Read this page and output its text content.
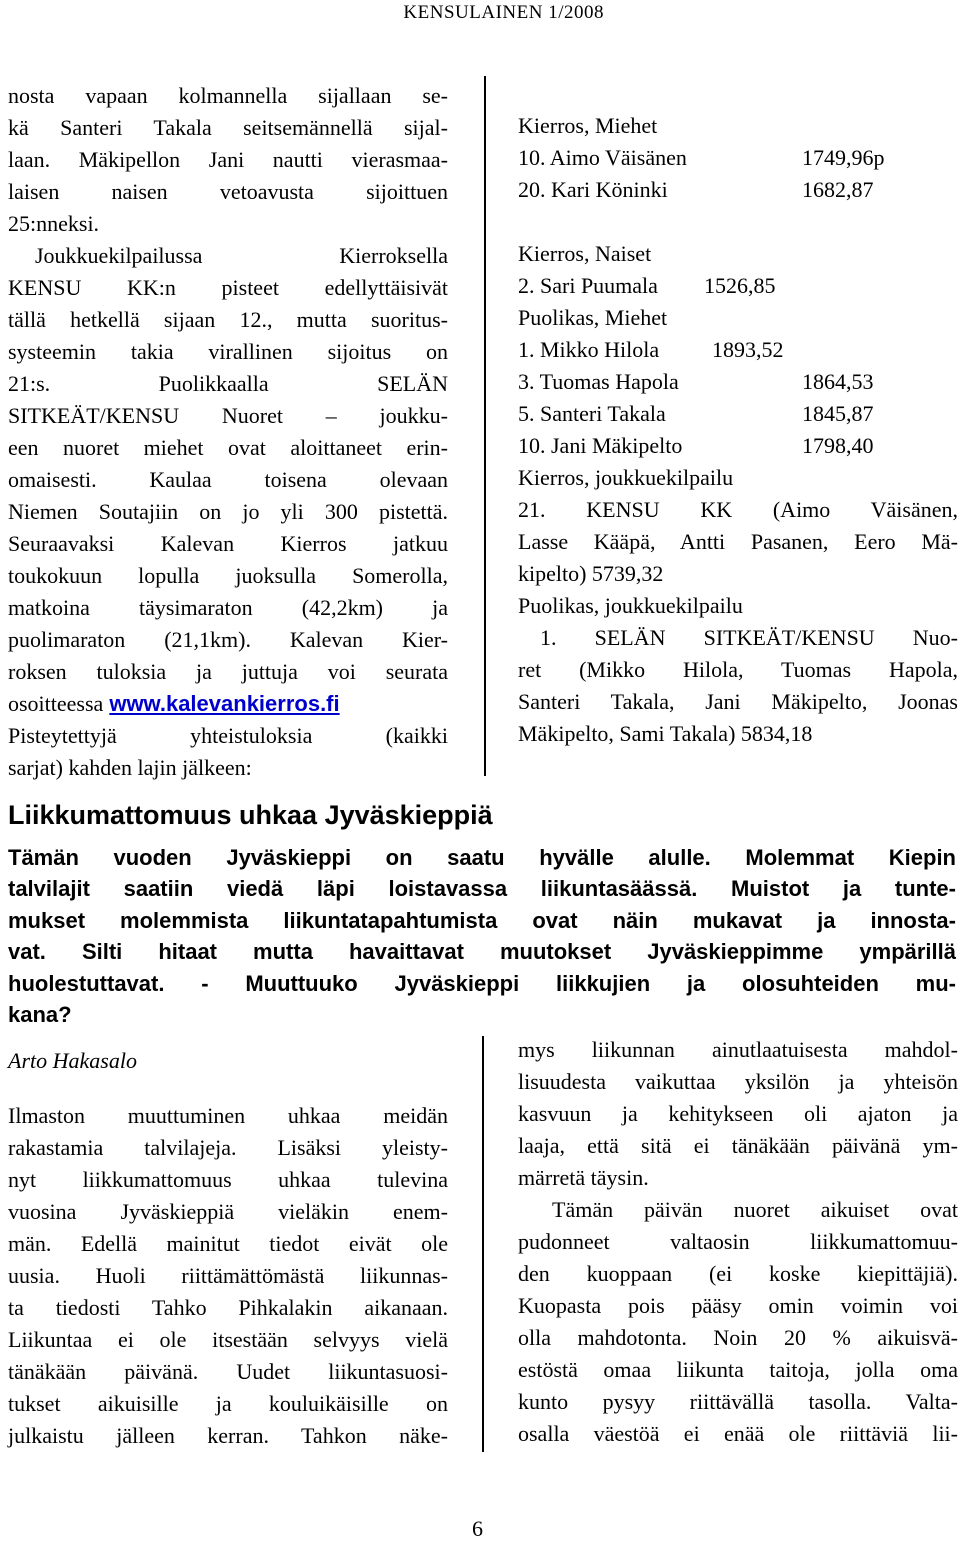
KENSULAINEN 1/2008
nosta vapaan kolmannella sijallaan se-
kä Santeri Takala seitsemännellä sijal-
laan. Mäkipellon Jani nautti vierasmaa-
laisen naisen vetoavusta sijoittuen
25:nneksi.
Joukkuekilpailussa Kierroksella
KENSU KK:n pisteet edellyttäisivät
tällä hetkellä sijaan 12., mutta suoritus-
systeemin takia virallinen sijoitus on
21:s. Puolikkaalla SELÄN
SITKEÄT/KENSU Nuoret – joukku-
een nuoret miehet ovat aloittaneet erin-
omaisesti. Kaulaa toisena olevaan
Niemen Soutajiin on jo yli 300 pistettä.
Seuraavaksi Kalevan Kierros jatkuu
toukokuun lopulla juoksulla Somerolla,
matkoina täysimaraton (42,2km) ja
puolimaraton (21,1km). Kalevan Kier-
roksen tuloksia ja juttuja voi seurata
osoitteessa www.kalevankierros.fi
Pisteytettyjä yhteistuloksia (kaikki
sarjat) kahden lajin jälkeen:
Kierros, Miehet
10. Aimo Väisänen	1749,96p
20. Kari Köninki	1682,87
Kierros, Naiset
2. Sari Puumala 1526,85
Puolikas, Miehet
1. Mikko Hilola 1893,52
3. Tuomas Hapola	1864,53
5. Santeri Takala	1845,87
10. Jani Mäkipelto	1798,40
Kierros, joukkuekilpailu
21. KENSU KK (Aimo Väisänen,
Lasse Kääpä, Antti Pasanen, Eero Mä-
kipelto) 5739,32
Puolikas, joukkuekilpailu
1. SELÄN SITKEÄT/KENSU Nuo-
ret (Mikko Hilola, Tuomas Hapola,
Santeri Takala, Jani Mäkipelto, Joonas
Mäkipelto, Sami Takala) 5834,18
Liikkumattomuus uhkaa Jyväskieppiä
Tämän vuoden Jyväskieppi on saatu hyvälle alulle. Molemmat Kiepin
talvilajit saatiin viedä läpi loistavassa liikuntasäässä. Muistot ja tunte-
mukset molemmista liikuntatapahtumista ovat näin mukavat ja innosta-
vat. Silti hitaat mutta havaittavat muutokset Jyväskieppimme ympärillä
huolestuttavat. - Muuttuuko Jyväskieppi liikkujien ja olosuhteiden mu-
kana?
Arto Hakasalo
Ilmaston muuttuminen uhkaa meidän
rakastamia talvilajeja. Lisäksi yleisty-
nyt liikkumattomuus uhkaa tulevina
vuosina Jyväskieppiä vieläkin enem-
män. Edellä mainitut tiedot eivät ole
uusia. Huoli riittämättömästä liikunnas-
ta tiedosti Tahko Pihkalakin aikanaan.
Liikuntaa ei ole itsestään selvyys vielä
tänäkään päivänä. Uudet liikuntasuosi-
tukset aikuisille ja kouluikäisille on
julkaistu jälleen kerran. Tahkon näke-
mys liikunnan ainutlaatuisesta mahdol-
lisuudesta vaikuttaa yksilön ja yhteisön
kasvuun ja kehitykseen oli ajaton ja
laaja, että sitä ei tänäkään päivänä ym-
märretä täysin.
Tämän päivän nuoret aikuiset ovat
pudonneet valtaosin liikkumattomuu-
den kuoppaan (ei koske kiepittäjiä).
Kuopasta pois pääsy omin voimin voi
olla mahdotonta. Noin 20 % aikuisvä-
estöstä omaa liikunta taitoja, jolla oma
kunto pysyy riittävällä tasolla. Valta-
osalla väestöä ei enää ole riittäviä lii-
6
